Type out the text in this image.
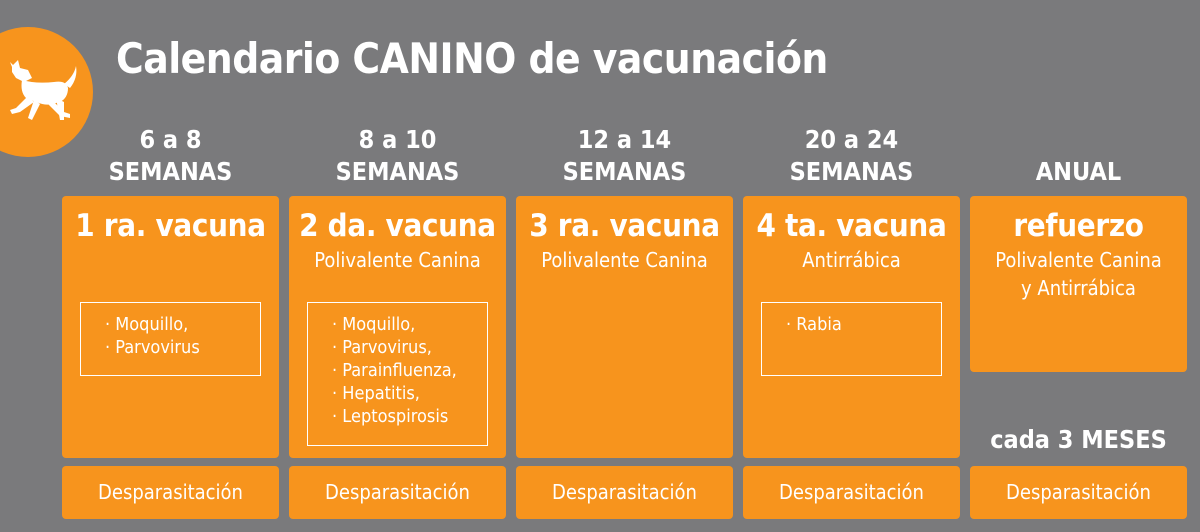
Calendario CANINO de vacunación
6 a 8
SEMANAS
1 ra. vacuna
· Moquillo,
· Parvovirus
Desparasitación
8 a 10
SEMANAS
2 da. vacuna
Polivalente Canina
· Moquillo,
· Parvovirus,
· Parainfluenza,
· Hepatitis,
· Leptospirosis
Desparasitación
12 a 14
SEMANAS
3 ra. vacuna
Polivalente Canina
Desparasitación
20 a 24
SEMANAS
4 ta. vacuna
Antirrábica
· Rabia
Desparasitación
ANUAL
refuerzo
Polivalente Canina
y Antirrábica
cada 3 MESES
Desparasitación
